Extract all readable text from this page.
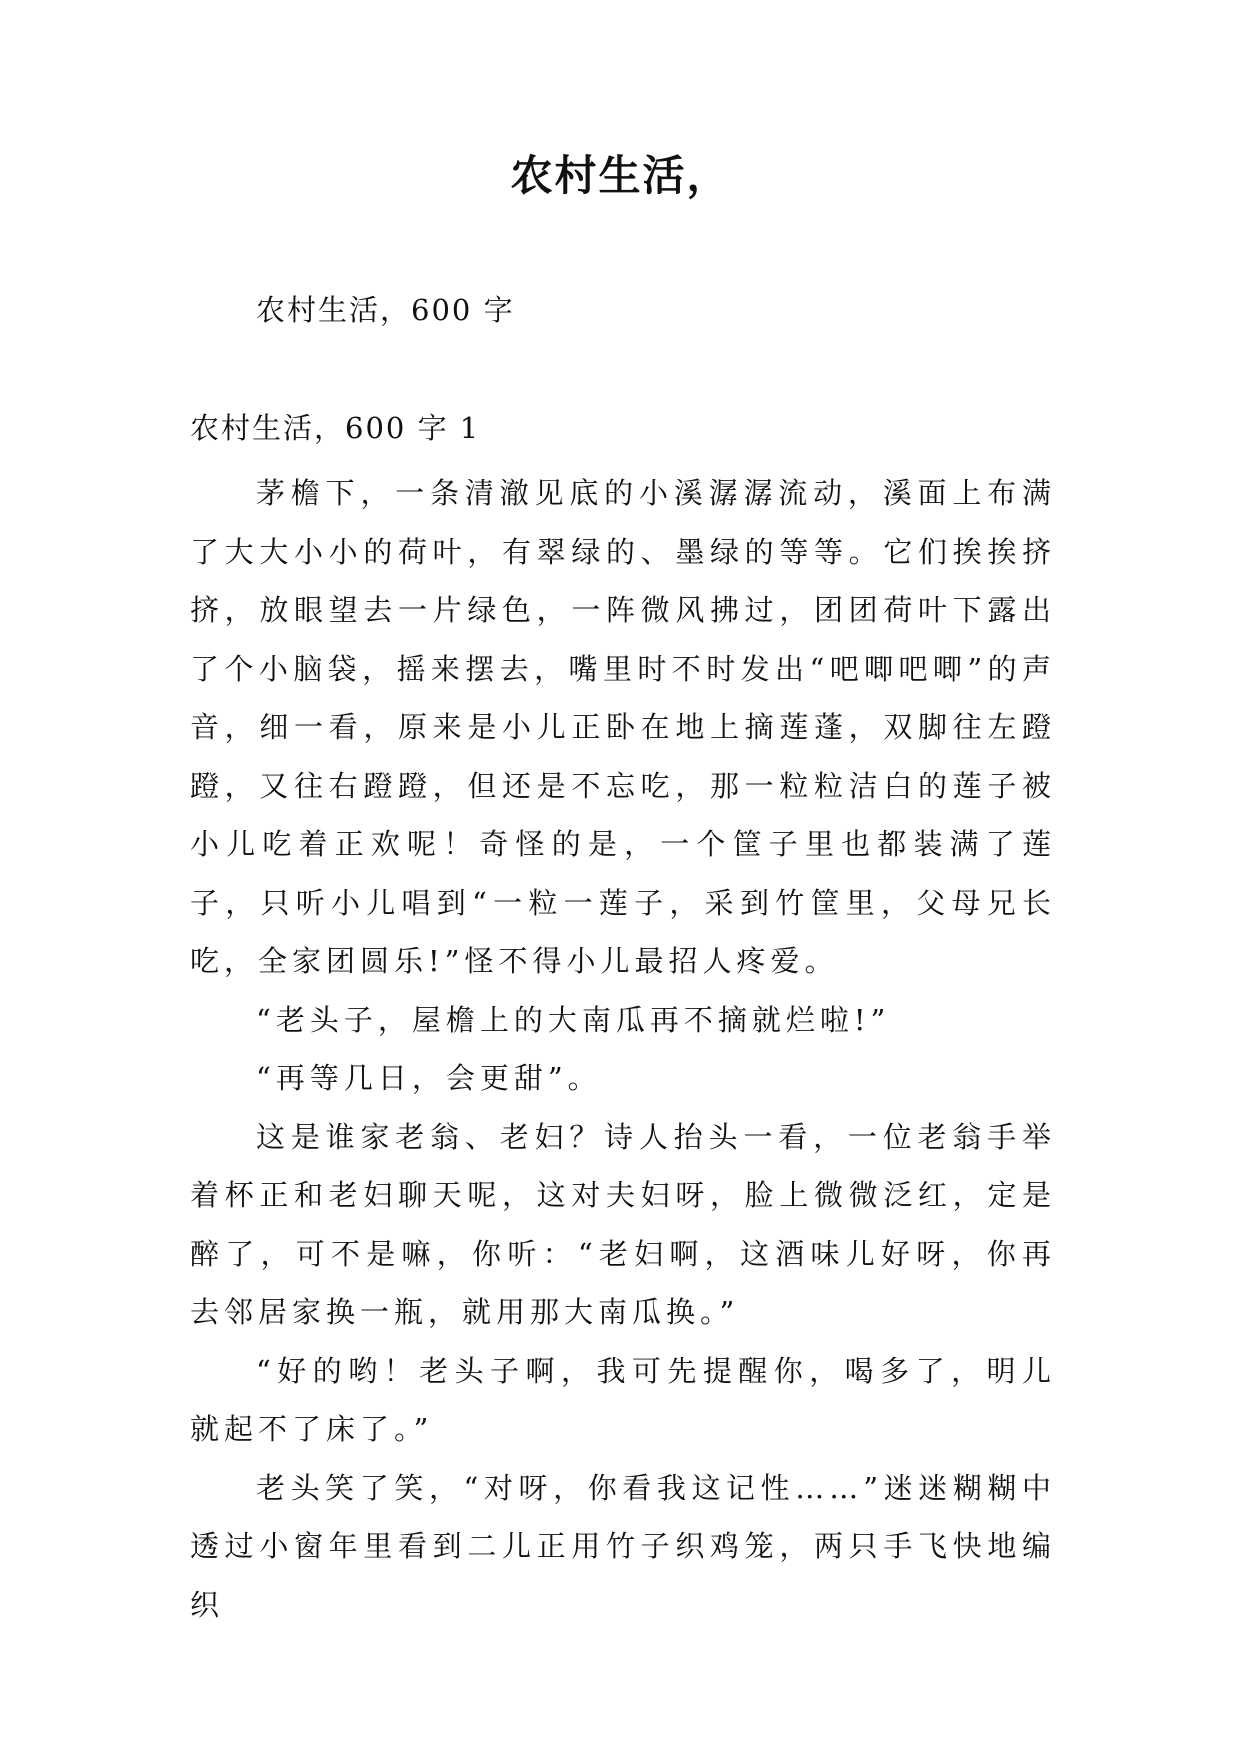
农村生活，

农村生活，600 字

农村生活，600 字 1

茅檐下，一条清澈见底的小溪潺潺流动，溪面上布满了大大小小的荷叶，有翠绿的、墨绿的等等。它们挨挨挤挤，放眼望去一片绿色，一阵微风拂过，团团荷叶下露出了个小脑袋，摇来摆去，嘴里时不时发出“吧唧吧唧”的声音，细一看，原来是小儿正卧在地上摘莲蓬，双脚往左蹬蹬，又往右蹬蹬，但还是不忘吃，那一粒粒洁白的莲子被小儿吃着正欢呢！奇怪的是，一个筐子里也都装满了莲子，只听小儿唱到“一粒一莲子，采到竹筐里，父母兄长吃，全家团圆乐!”怪不得小儿最招人疼爱。

“老头子，屋檐上的大南瓜再不摘就烂啦!”

“再等几日，会更甜”。

这是谁家老翁、老妇？诗人抬头一看，一位老翁手举着杯正和老妇聊天呢，这对夫妇呀，脸上微微泛红，定是醉了，可不是嘛，你听：“老妇啊，这酒味儿好呀，你再去邻居家换一瓶，就用那大南瓜换。”

“好的哟！老头子啊，我可先提醒你，喝多了，明儿就起不了床了。”

老头笑了笑，“对呀，你看我这记性……”迷迷糊糊中透过小窗年里看到二儿正用竹子织鸡笼，两只手飞快地编织
